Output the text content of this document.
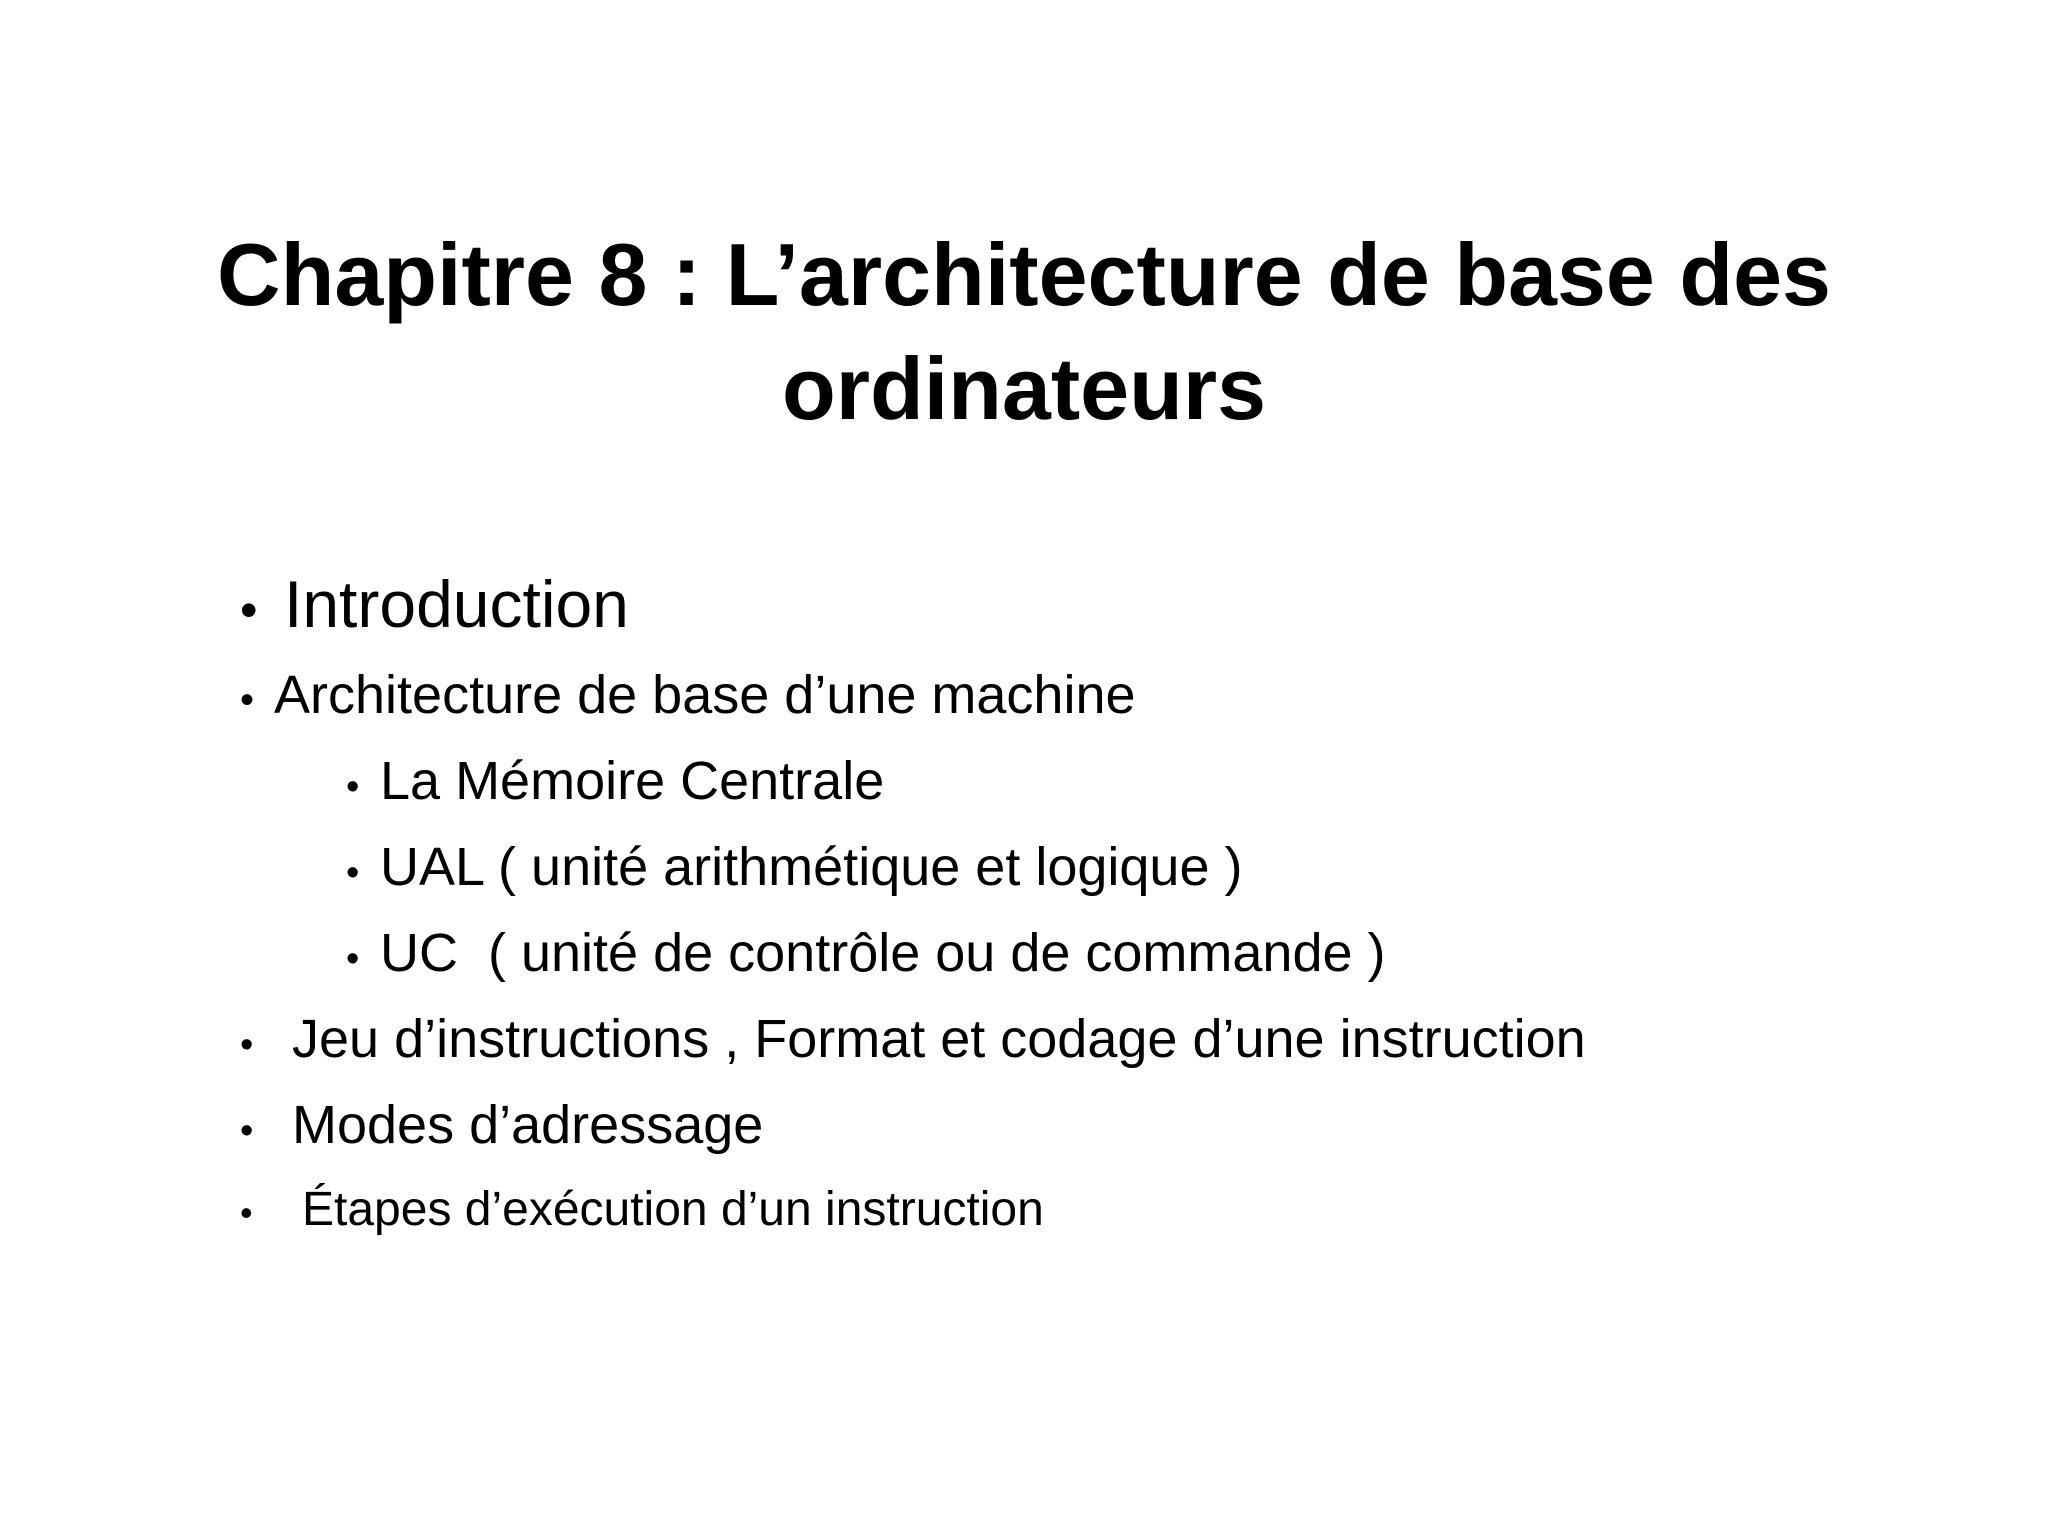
Chapitre 8 : L’architecture de base des
ordinateurs
• Introduction
• Architecture de base d’une machine
• La Mémoire Centrale
• UAL ( unité arithmétique et logique )
• UC  ( unité de contrôle ou de commande )
• Jeu d’instructions , Format et codage d’une instruction
• Modes d’adressage
•	Étapes d’exécution d’un instruction
